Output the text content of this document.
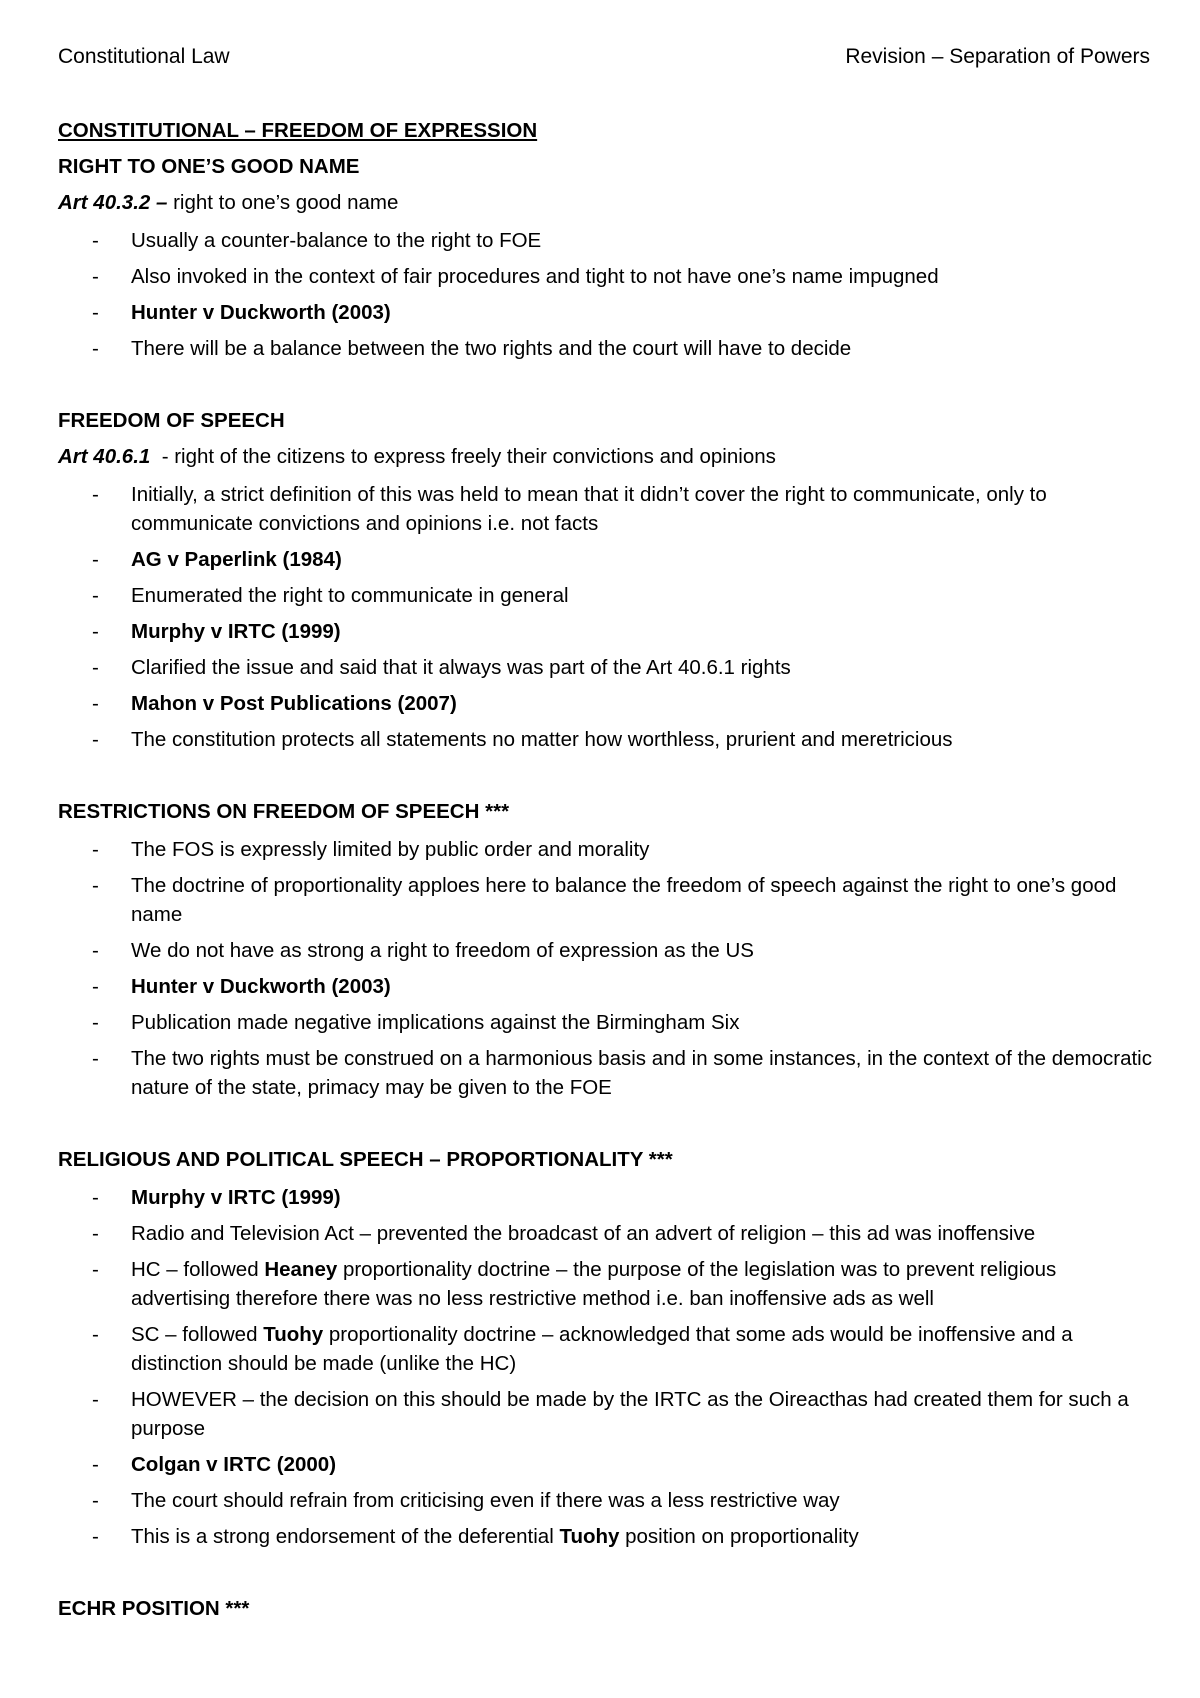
Constitutional Law	Revision – Separation of Powers
CONSTITUTIONAL – FREEDOM OF EXPRESSION
RIGHT TO ONE’S GOOD NAME
Art 40.3.2 – right to one’s good name
- Usually a counter-balance to the right to FOE
- Also invoked in the context of fair procedures and tight to not have one’s name impugned
- Hunter v Duckworth (2003)
- There will be a balance between the two rights and the court will have to decide
FREEDOM OF SPEECH
Art 40.6.1  - right of the citizens to express freely their convictions and opinions
- Initially, a strict definition of this was held to mean that it didn’t cover the right to communicate, only to communicate convictions and opinions i.e. not facts
- AG v Paperlink (1984)
- Enumerated the right to communicate in general
- Murphy v IRTC (1999)
- Clarified the issue and said that it always was part of the Art 40.6.1 rights
- Mahon v Post Publications (2007)
- The constitution protects all statements no matter how worthless, prurient and meretricious
RESTRICTIONS ON FREEDOM OF SPEECH ***
- The FOS is expressly limited by public order and morality
- The doctrine of proportionality apploes here to balance the freedom of speech against the right to one’s good name
- We do not have as strong a right to freedom of expression as the US
- Hunter v Duckworth (2003)
- Publication made negative implications against the Birmingham Six
- The two rights must be construed on a harmonious basis and in some instances, in the context of the democratic nature of the state, primacy may be given to the FOE
RELIGIOUS AND POLITICAL SPEECH – PROPORTIONALITY ***
- Murphy v IRTC (1999)
- Radio and Television Act – prevented the broadcast of an advert of religion – this ad was inoffensive
- HC – followed Heaney proportionality doctrine – the purpose of the legislation was to prevent religious advertising therefore there was no less restrictive method i.e. ban inoffensive ads as well
- SC – followed Tuohy proportionality doctrine – acknowledged that some ads would be inoffensive and a distinction should be made (unlike the HC)
- HOWEVER – the decision on this should be made by the IRTC as the Oireacthas had created them for such a purpose
- Colgan v IRTC (2000)
- The court should refrain from criticising even if there was a less restrictive way
- This is a strong endorsement of the deferential Tuohy position on proportionality
ECHR POSITION ***
